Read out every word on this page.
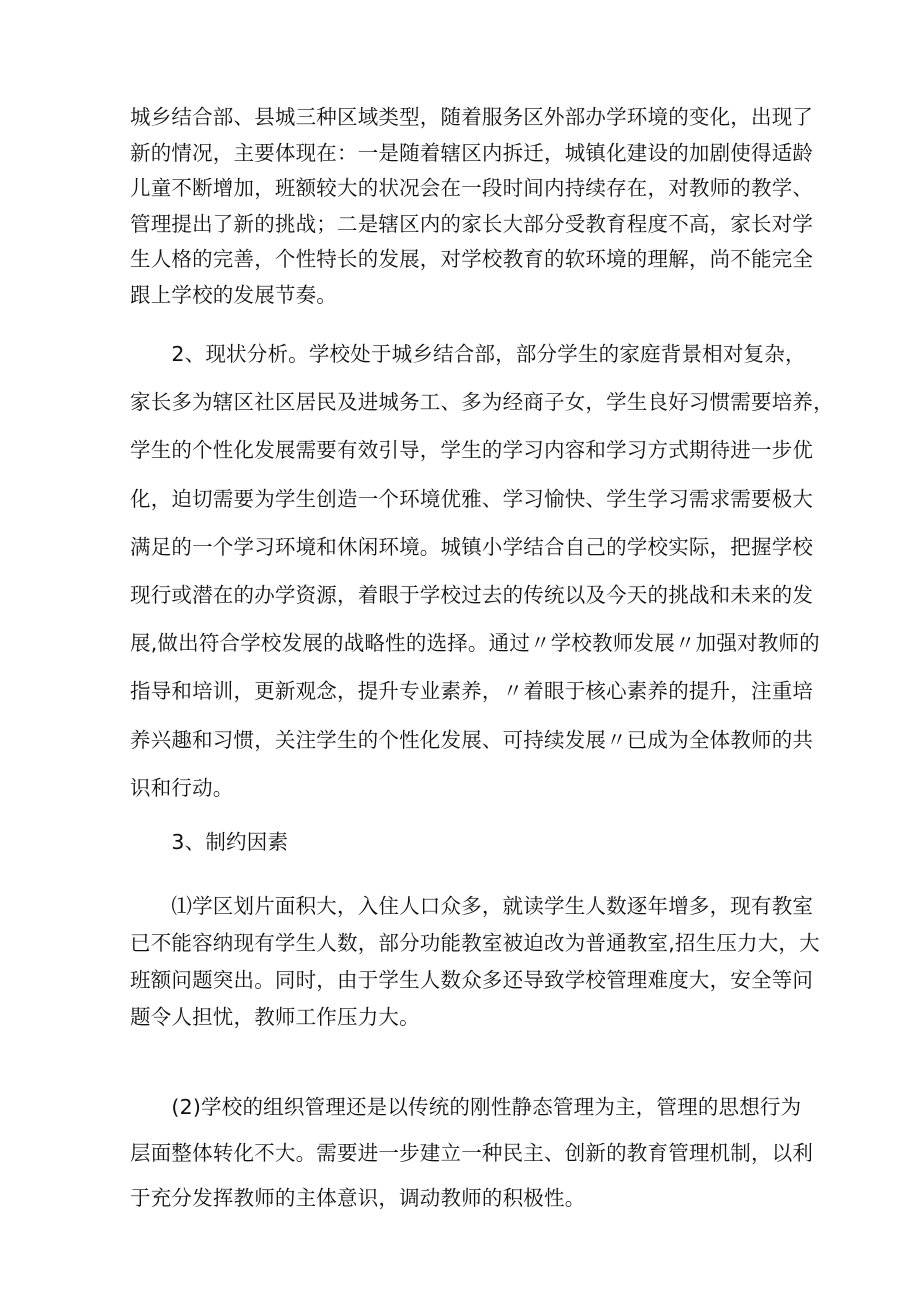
城乡结合部、县城三种区域类型，随着服务区外部办学环境的变化，出现了
新的情况，主要体现在：一是随着辖区内拆迁，城镇化建设的加剧使得适龄
儿童不断增加，班额较大的状况会在一段时间内持续存在，对教师的教学、
管理提出了新的挑战；二是辖区内的家长大部分受教育程度不高，家长对学
生人格的完善，个性特长的发展，对学校教育的软环境的理解，尚不能完全
跟上学校的发展节奏。

　　2、现状分析。学校处于城乡结合部，部分学生的家庭背景相对复杂，
家长多为辖区社区居民及进城务工、多为经商子女，学生良好习惯需要培养，
学生的个性化发展需要有效引导，学生的学习内容和学习方式期待进一步优
化，迫切需要为学生创造一个环境优雅、学习愉快、学生学习需求需要极大
满足的一个学习环境和休闲环境。城镇小学结合自己的学校实际，把握学校
现行或潜在的办学资源，着眼于学校过去的传统以及今天的挑战和未来的发
展,做出符合学校发展的战略性的选择。通过〃学校教师发展〃加强对教师的
指导和培训，更新观念，提升专业素养，〃着眼于核心素养的提升，注重培
养兴趣和习惯，关注学生的个性化发展、可持续发展〃已成为全体教师的共
识和行动。

　　3、制约因素

　　⑴学区划片面积大，入住人口众多，就读学生人数逐年增多，现有教室
已不能容纳现有学生人数，部分功能教室被迫改为普通教室,招生压力大，大
班额问题突出。同时，由于学生人数众多还导致学校管理难度大，安全等问
题令人担忧，教师工作压力大。

　　(2)学校的组织管理还是以传统的刚性静态管理为主，管理的思想行为
层面整体转化不大。需要进一步建立一种民主、创新的教育管理机制，以利
于充分发挥教师的主体意识，调动教师的积极性。
